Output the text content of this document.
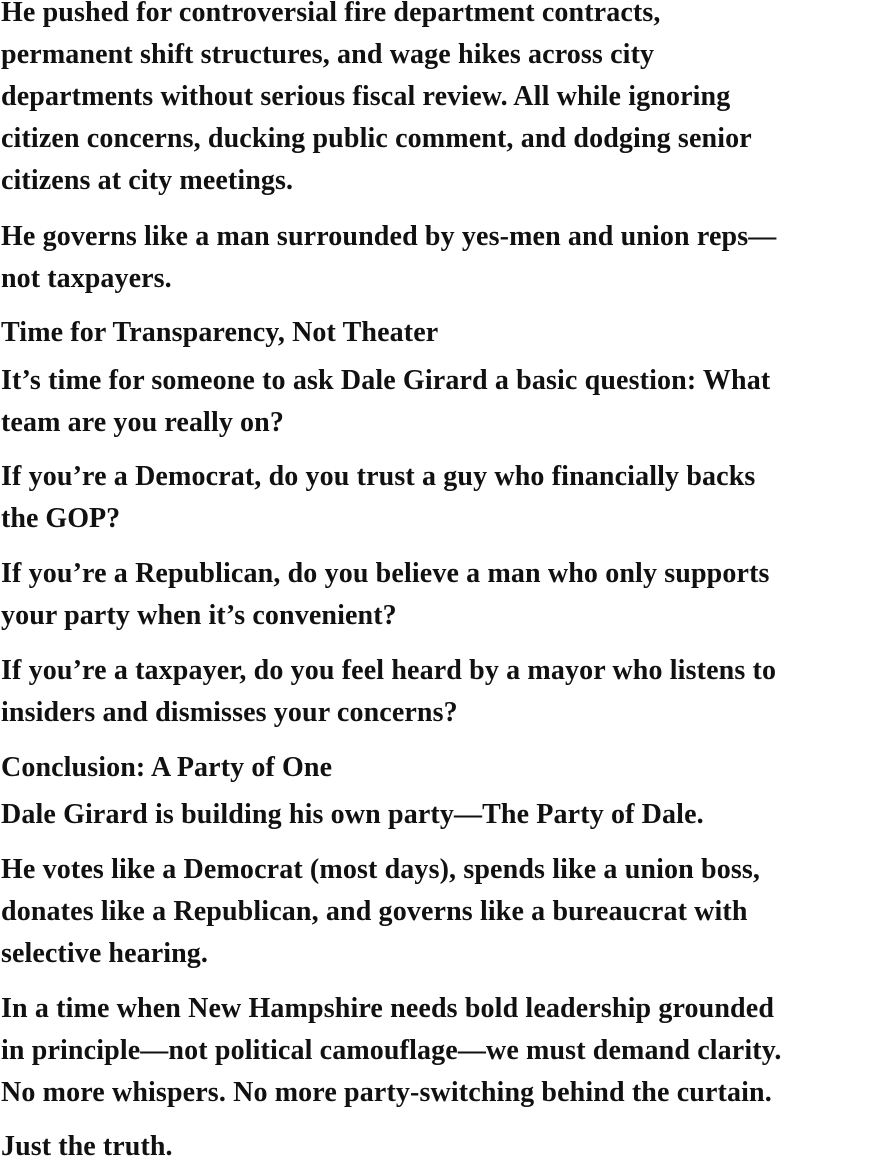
He pushed for controversial fire department contracts,
permanent shift structures, and wage hikes across city
departments without serious fiscal review. All while ignoring
citizen concerns, ducking public comment, and dodging senior
citizens at city meetings.
He governs like a man surrounded by yes-men and union reps—
not taxpayers.
Time for Transparency, Not Theater
It’s time for someone to ask Dale Girard a basic question: What
team are you really on?
If you’re a Democrat, do you trust a guy who financially backs
the GOP?
If you’re a Republican, do you believe a man who only supports
your party when it’s convenient?
If you’re a taxpayer, do you feel heard by a mayor who listens to
insiders and dismisses your concerns?
Conclusion: A Party of One
Dale Girard is building his own party—The Party of Dale.
He votes like a Democrat (most days), spends like a union boss,
donates like a Republican, and governs like a bureaucrat with
selective hearing.
In a time when New Hampshire needs bold leadership grounded
in principle—not political camouflage—we must demand clarity.
No more whispers. No more party-switching behind the curtain.
Just the truth.
